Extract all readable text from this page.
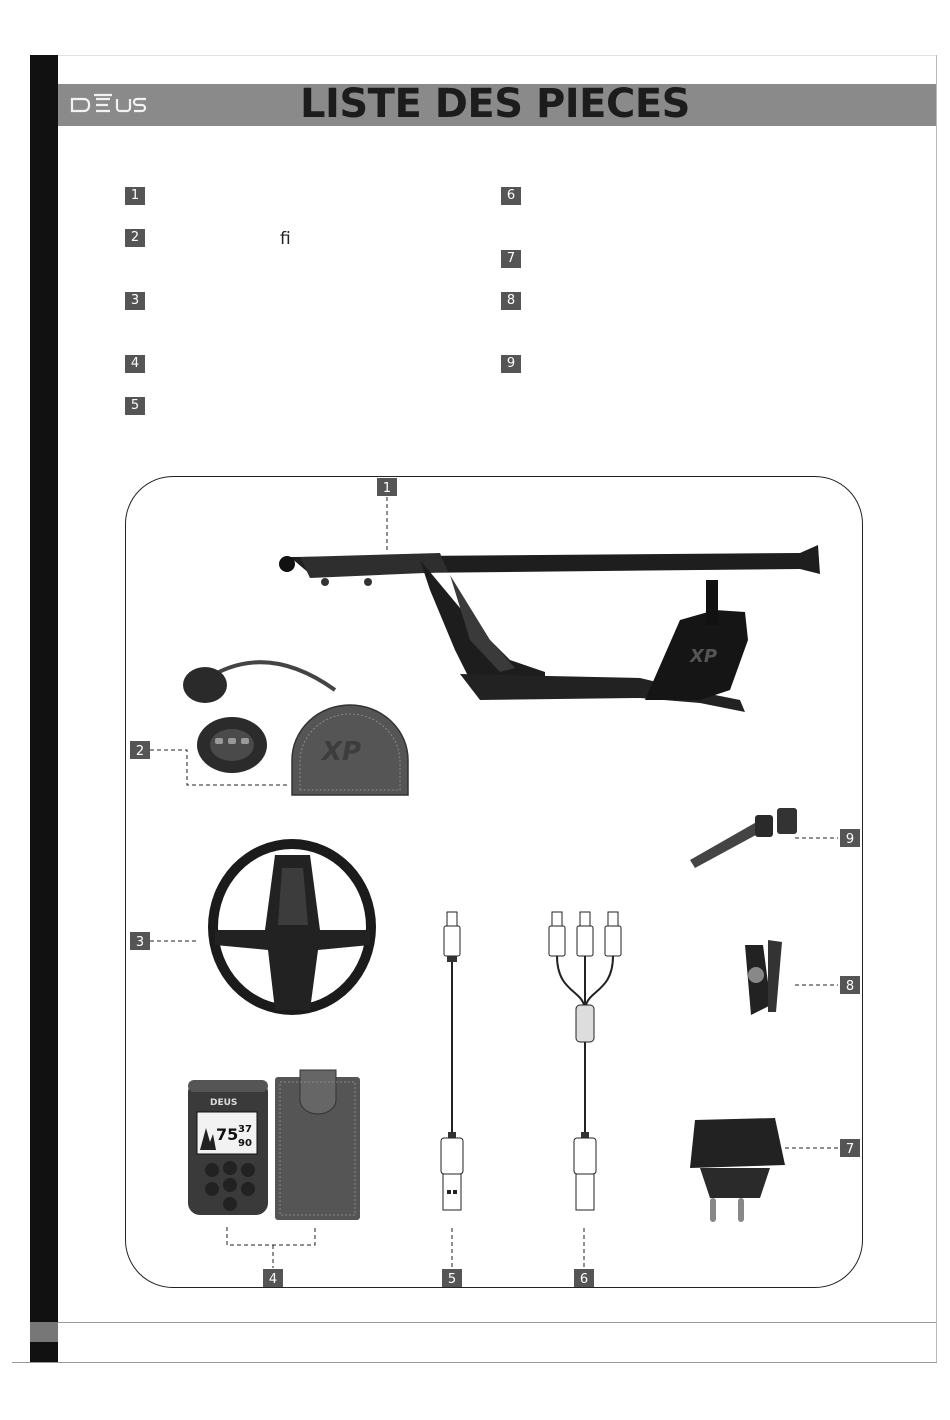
LISTE DES PIECES
1
2	ﬁ
3
4
5
6
7
8
9
XP
XP
DEUS
75 37
90
1
2
3
4	5	6
7
8
9
